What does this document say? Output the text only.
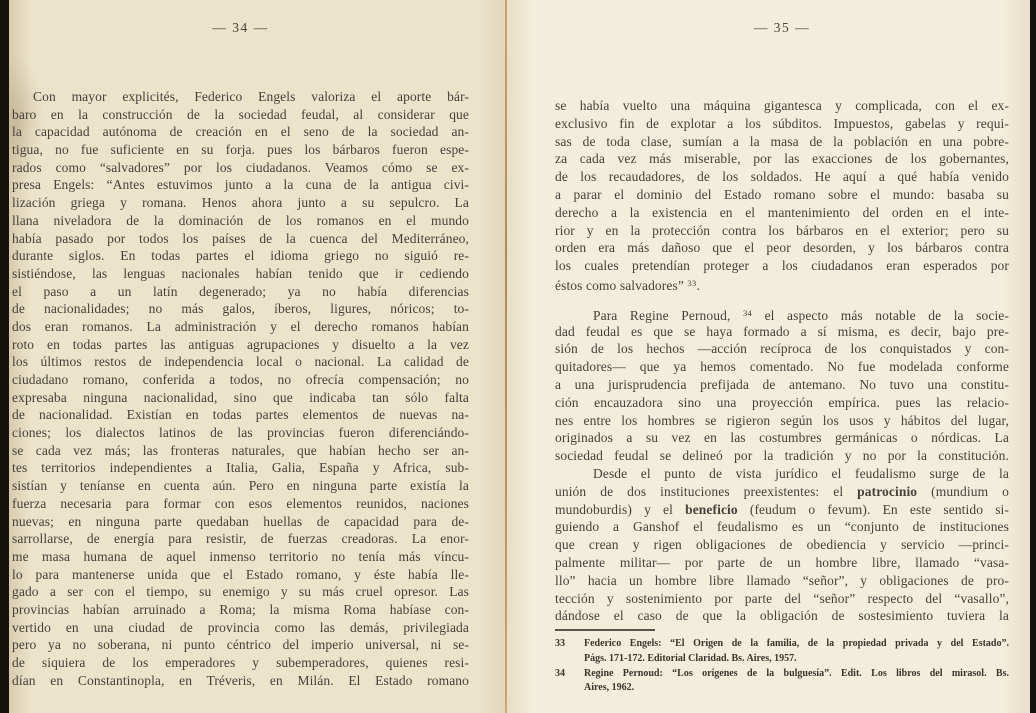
— 34 —
Con mayor explicités, Federico Engels valoriza el aporte bár-
baro en la construcción de la sociedad feudal, al considerar que
la capacidad autónoma de creación en el seno de la sociedad an-
tigua, no fue suficiente en su forja. pues los bárbaros fueron espe-
rados como “salvadores” por los ciudadanos. Veamos cómo se ex-
presa Engels: “Antes estuvimos junto a la cuna de la antigua civi-
lización griega y romana. Henos ahora junto a su sepulcro. La
llana niveladora de la dominación de los romanos en el mundo
había pasado por todos los países de la cuenca del Mediterráneo,
durante siglos. En todas partes el idioma griego no siguió re-
sistiéndose, las lenguas nacionales habían tenido que ir cediendo
el paso a un latín degenerado; ya no había diferencias
de nacionalidades; no más galos, íberos, ligures, nóricos; to-
dos eran romanos. La administración y el derecho romanos habían
roto en todas partes las antiguas agrupaciones y disuelto a la vez
los últimos restos de independencia local o nacional. La calidad de
ciudadano romano, conferida a todos, no ofrecía compensación; no
expresaba ninguna nacionalidad, sino que indicaba tan sólo falta
de nacionalidad. Existían en todas partes elementos de nuevas na-
ciones; los dialectos latinos de las provincias fueron diferenciándo-
se cada vez más; las fronteras naturales, que habían hecho ser an-
tes territorios independientes a Italia, Galia, España y Africa, sub-
sistían y teníanse en cuenta aún. Pero en ninguna parte existía la
fuerza necesaria para formar con esos elementos reunidos, naciones
nuevas; en ninguna parte quedaban huellas de capacidad para de-
sarrollarse, de energía para resistir, de fuerzas creadoras. La enor-
me masa humana de aquel inmenso territorio no tenía más víncu-
lo para mantenerse unida que el Estado romano, y éste había lle-
gado a ser con el tiempo, su enemigo y su más cruel opresor. Las
provincias habían arruinado a Roma; la misma Roma habíase con-
vertido en una ciudad de provincia como las demás, privilegiada
pero ya no soberana, ni punto céntrico del imperio universal, ni se-
de siquiera de los emperadores y subemperadores, quienes resi-
dían en Constantinopla, en Tréveris, en Milán. El Estado romano
— 35 —
se había vuelto una máquina gigantesca y complicada, con el ex-
exclusivo fin de explotar a los súbditos. Impuestos, gabelas y requi-
sas de toda clase, sumían a la masa de la población en una pobre-
za cada vez más miserable, por las exacciones de los gobernantes,
de los recaudadores, de los soldados. He aquí a qué había venido
a parar el dominio del Estado romano sobre el mundo: basaba su
derecho a la existencia en el mantenimiento del orden en el inte-
rior y en la protección contra los bárbaros en el exterior; pero su
orden era más dañoso que el peor desorden, y los bárbaros contra
los cuales pretendían proteger a los ciudadanos eran esperados por
éstos como salvadores” $^{33}$.
Para Regine Pernoud, $^{34}$ el aspecto más notable de la socie-
dad feudal es que se haya formado a sí misma, es decir, bajo pre-
sión de los hechos —acción recíproca de los conquistados y con-
quitadores— que ya hemos comentado. No fue modelada conforme
a una jurisprudencia prefijada de antemano. No tuvo una constitu-
ción encauzadora sino una proyección empírica. pues las relacio-
nes entre los hombres se rigieron según los usos y hábitos del lugar,
originados a su vez en las costumbres germánicas o nórdicas. La
sociedad feudal se delineó por la tradición y no por la constitución.
Desde el punto de vista jurídico el feudalismo surge de la
unión de dos instituciones preexistentes: el patrocinio (mundium o
mundoburdis) y el beneficio (feudum o fevum). En este sentido si-
guiendo a Ganshof el feudalismo es un “conjunto de instituciones
que crean y rigen obligaciones de obediencia y servicio —princi-
palmente militar— por parte de un hombre libre, llamado “vasa-
llo” hacia un hombre libre llamado “señor”, y obligaciones de pro-
tección y sostenimiento por parte del “señor” respecto del “vasallo”,
dándose el caso de que la obligación de sostesimiento tuviera la
33 Federico Engels: “El Origen de la familia, de la propiedad privada y del Estado”.
Págs. 171-172. Editorial Claridad. Bs. Aires, 1957.
34 Regine Pernoud: “Los orígenes de la bulguesía”. Edit. Los libros del mirasol. Bs.
Aires, 1962.
